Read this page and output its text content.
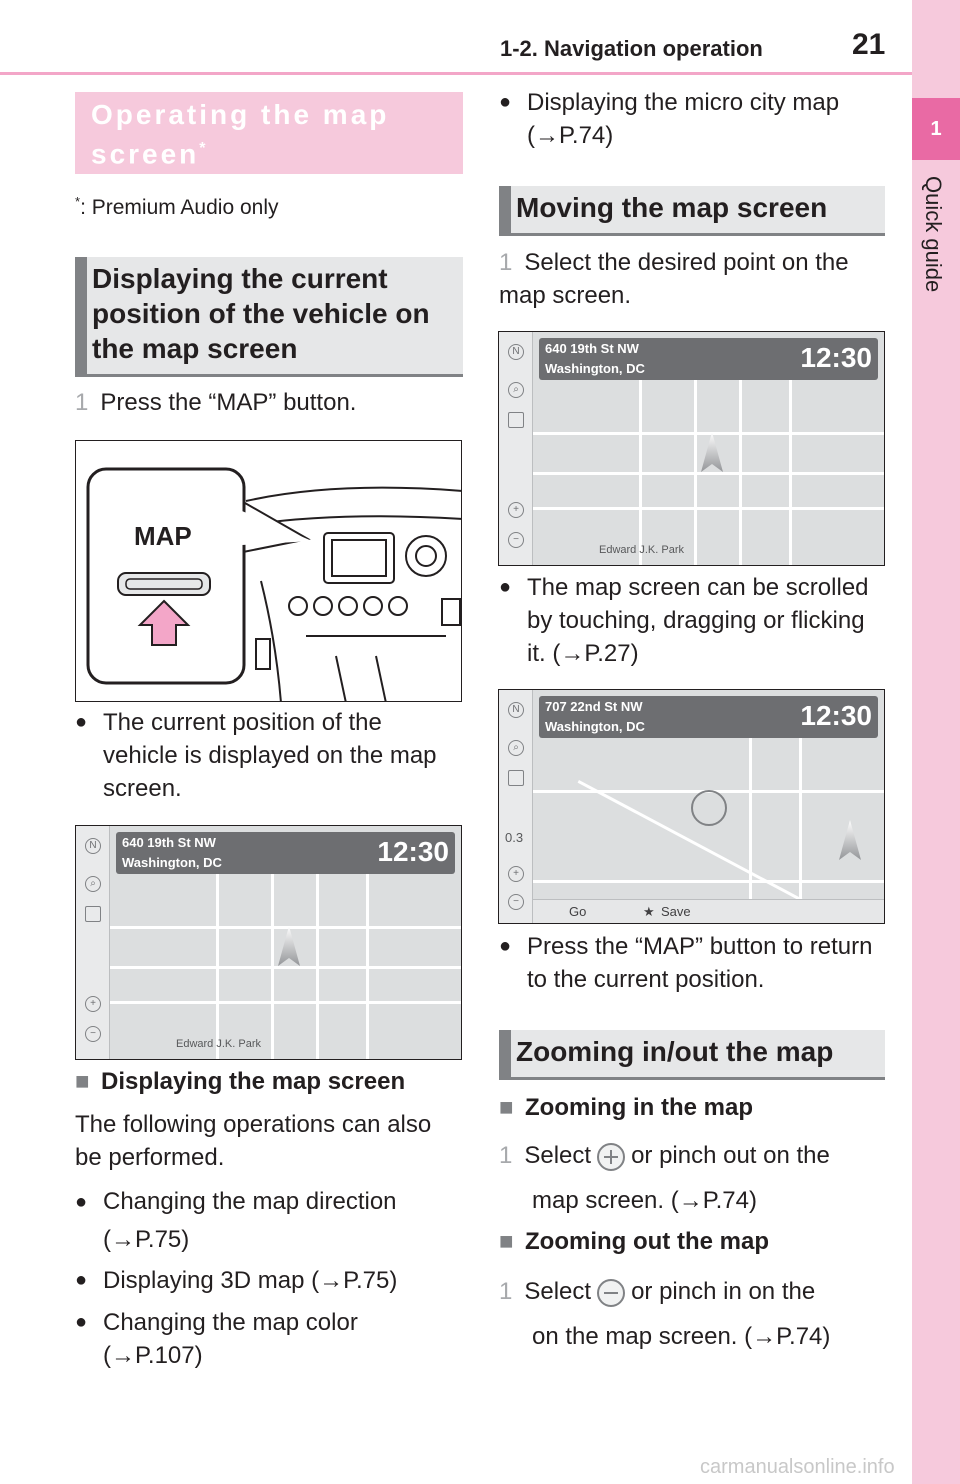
1-2. Navigation operation	21
1
Quick guide
Operating the map screen*
*: Premium Audio only
Displaying the current position of the vehicle on the map screen
1 Press the “MAP” button.
MAP
● The current position of the vehicle is displayed on the map screen.
N
⌕
+
−
640 19th St NW
Washington, DC	12:30
Edward J.K. Park
■ Displaying the map screen
The following operations can also be performed.
● Changing the map direction (→P.75)
● Displaying 3D map (→P.75)
● Changing the map color (→P.107)
● Displaying the micro city map (→P.74)
Moving the map screen
1 Select the desired point on the map screen.
N
⌕
+
−
640 19th St NW
Washington, DC	12:30
Edward J.K. Park
● The map screen can be scrolled by touching, dragging or flicking it. (→P.27)
N
⌕
0.3
+
−
707 22nd St NW
Washington, DC	12:30
Go	★ Save
● Press the “MAP” button to return to the current position.
Zooming in/out the map
■ Zooming in the map
1 Select or pinch out on the
map screen. (→P.74)
■ Zooming out the map
1 Select or pinch in on the
on the map screen. (→P.74)
carmanualsonline.info
